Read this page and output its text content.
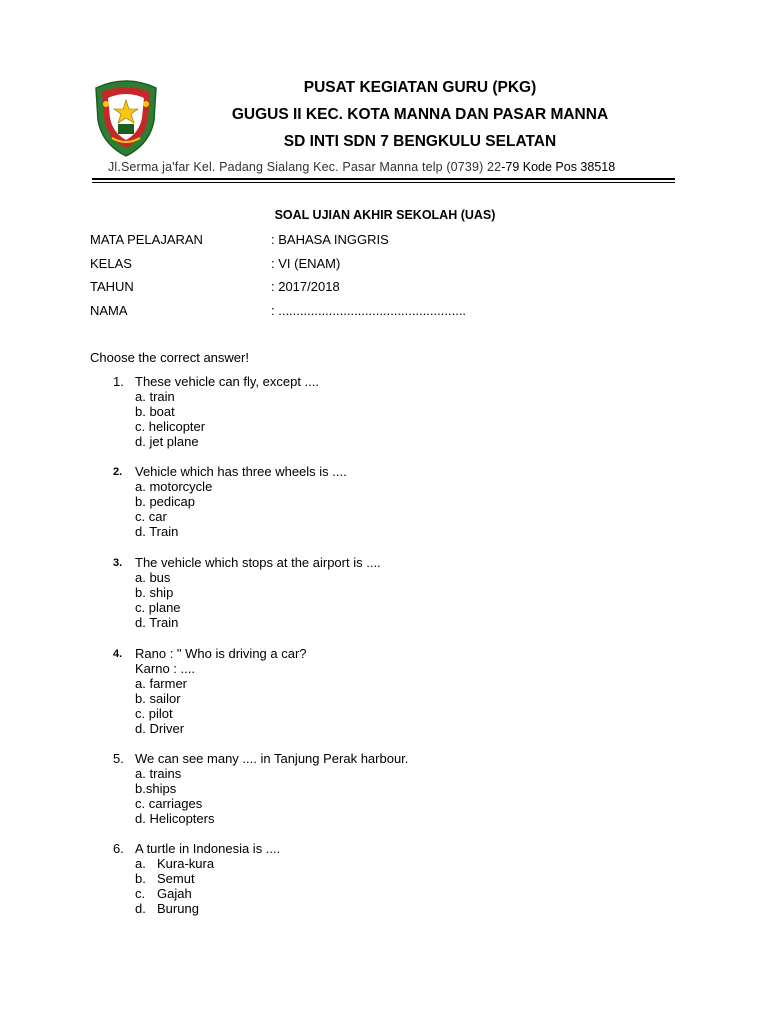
PUSAT KEGIATAN GURU (PKG)
GUGUS II KEC. KOTA MANNA DAN PASAR MANNA
SD INTI SDN 7 BENGKULU SELATAN
Jl.Serma ja'far Kel. Padang Sialang Kec. Pasar Manna telp (0739) 22-79 Kode Pos 38518
SOAL UJIAN AKHIR SEKOLAH (UAS)
MATA PELAJARAN	: BAHASA INGGRIS
KELAS	: VI (ENAM)
TAHUN	: 2017/2018
NAMA	: ....................................................
Choose the correct answer!
1. These vehicle can fly, except ....
a. train
b. boat
c. helicopter
d. jet plane
2. Vehicle which has three wheels is ....
a. motorcycle
b. pedicap
c. car
d. Train
3. The vehicle which stops at the airport is ....
a. bus
b. ship
c. plane
d. Train
4. Rano : " Who is driving a car?
Karno : ....
a. farmer
b. sailor
c. pilot
d. Driver
5. We can see many .... in Tanjung Perak harbour.
a. trains
b.ships
c. carriages
d. Helicopters
6. A turtle in Indonesia is ....
a. Kura-kura
b. Semut
c. Gajah
d. Burung
